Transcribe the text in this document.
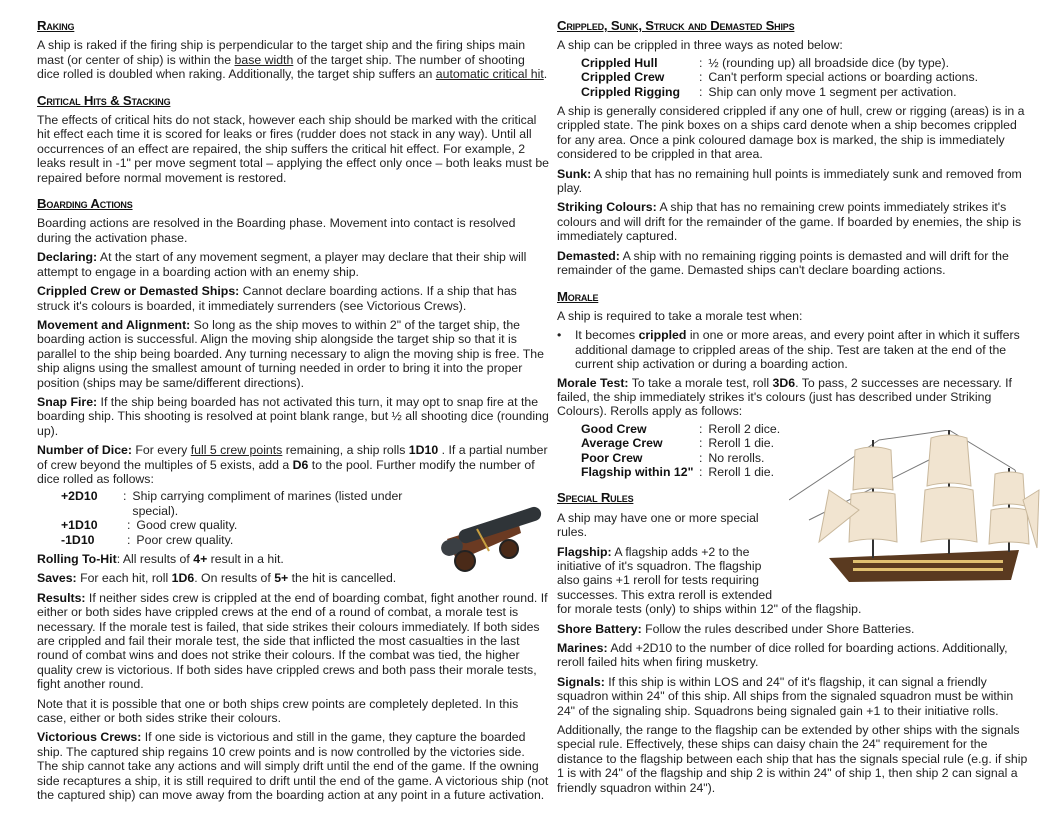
Raking

A ship is raked if the firing ship is perpendicular to the target ship and the firing ships main mast (or center of ship) is within the base width of the target ship. The number of shooting dice rolled is doubled when raking. Additionally, the target ship suffers an automatic critical hit.

Critical Hits & Stacking

The effects of critical hits do not stack, however each ship should be marked with the critical hit effect each time it is scored for leaks or fires (rudder does not stack in any way). Until all occurrences of an effect are repaired, the ship suffers the critical hit effect. For example, 2 leaks result in -1" per move segment total – applying the effect only once – both leaks must be repaired before normal movement is restored.

Boarding Actions

Boarding actions are resolved in the Boarding phase. Movement into contact is resolved during the activation phase.

Declaring: At the start of any movement segment, a player may declare that their ship will attempt to engage in a boarding action with an enemy ship.

Crippled Crew or Demasted Ships: Cannot declare boarding actions. If a ship that has struck it's colours is boarded, it immediately surrenders (see Victorious Crews).

Movement and Alignment: So long as the ship moves to within 2" of the target ship, the boarding action is successful. Align the moving ship alongside the target ship so that it is parallel to the ship being boarded. Any turning necessary to align the moving ship is free. The ship aligns using the smallest amount of turning needed in order to bring it into the proper position (ships may be same/different directions).

Snap Fire: If the ship being boarded has not activated this turn, it may opt to snap fire at the boarding ship. This shooting is resolved at point blank range, but ½ all shooting dice (rounding up).

Number of Dice: For every full 5 crew points remaining, a ship rolls 1D10 . If a partial number of crew beyond the multiples of 5 exists, add a D6 to the pool. Further modify the number of dice rolled as follows:

+2D10	: Ship carrying compliment of marines (listed under special).
+1D10	: Good crew quality.
-1D10	: Poor crew quality.

Rolling To-Hit: All results of 4+ result in a hit.

Saves: For each hit, roll 1D6. On results of 5+ the hit is cancelled.

Results: If neither sides crew is crippled at the end of boarding combat, fight another round. If either or both sides have crippled crews at the end of a round of combat, a morale test is necessary. If the morale test is failed, that side strikes their colours immediately. If both sides are crippled and fail their morale test, the side that inflicted the most casualties in the last round of combat wins and does not strike their colours. If the combat was tied, the higher quality crew is victorious. If both sides have crippled crews and both pass their morale tests, fight another round.

Note that it is possible that one or both ships crew points are completely depleted. In this case, either or both sides strike their colours.

Victorious Crews: If one side is victorious and still in the game, they capture the boarded ship. The captured ship regains 10 crew points and is now controlled by the victories side. The ship cannot take any actions and will simply drift until the end of the game. If the owning side recaptures a ship, it is still required to drift until the end of the game. A victorious ship (not the captured ship) can move away from the boarding action at any point in a future activation.

Crippled, Sunk, Struck and Demasted Ships

A ship can be crippled in three ways as noted below:

Crippled Hull	: ½ (rounding up) all broadside dice (by type).
Crippled Crew	: Can't perform special actions or boarding actions.
Crippled Rigging	: Ship can only move 1 segment per activation.

A ship is generally considered crippled if any one of hull, crew or rigging (areas) is in a crippled state. The pink boxes on a ships card denote when a ship becomes crippled for any area. Once a pink coloured damage box is marked, the ship is immediately considered to be crippled in that area.

Sunk: A ship that has no remaining hull points is immediately sunk and removed from play.

Striking Colours: A ship that has no remaining crew points immediately strikes it's colours and will drift for the remainder of the game. If boarded by enemies, the ship is immediately captured.

Demasted: A ship with no remaining rigging points is demasted and will drift for the remainder of the game. Demasted ships can't declare boarding actions.

Morale

A ship is required to take a morale test when:

•	It becomes crippled in one or more areas, and every point after in which it suffers additional damage to crippled areas of the ship. Test are taken at the end of the current ship activation or during a boarding action.

Morale Test: To take a morale test, roll 3D6. To pass, 2 successes are necessary. If failed, the ship immediately strikes it's colours (just has described under Striking Colours). Rerolls apply as follows:

Good Crew	: Reroll 2 dice.
Average Crew	: Reroll 1 die.
Poor Crew	: No rerolls.
Flagship within 12" : Reroll 1 die.
Special Rules

A ship may have one or more special rules.

Flagship: A flagship adds +2 to the initiative of it's squadron. The flagship also gains +1 reroll for tests requiring successes. This extra reroll is extended for morale tests (only) to ships within 12" of the flagship.

Shore Battery: Follow the rules described under Shore Batteries.

Marines: Add +2D10 to the number of dice rolled for boarding actions. Additionally, reroll failed hits when firing musketry.

Signals: If this ship is within LOS and 24" of it's flagship, it can signal a friendly squadron within 24" of this ship. All ships from the signaled squadron must be within 24" of the signaling ship. Squadrons being signaled gain +1 to their initiative rolls.

Additionally, the range to the flagship can be extended by other ships with the signals special rule. Effectively, these ships can daisy chain the 24" requirement for the distance to the flagship between each ship that has the signals special rule (e.g. if ship 1 is with 24" of the flagship and ship 2 is within 24" of ship 1, then ship 2 can signal a friendly squadron within 24").
